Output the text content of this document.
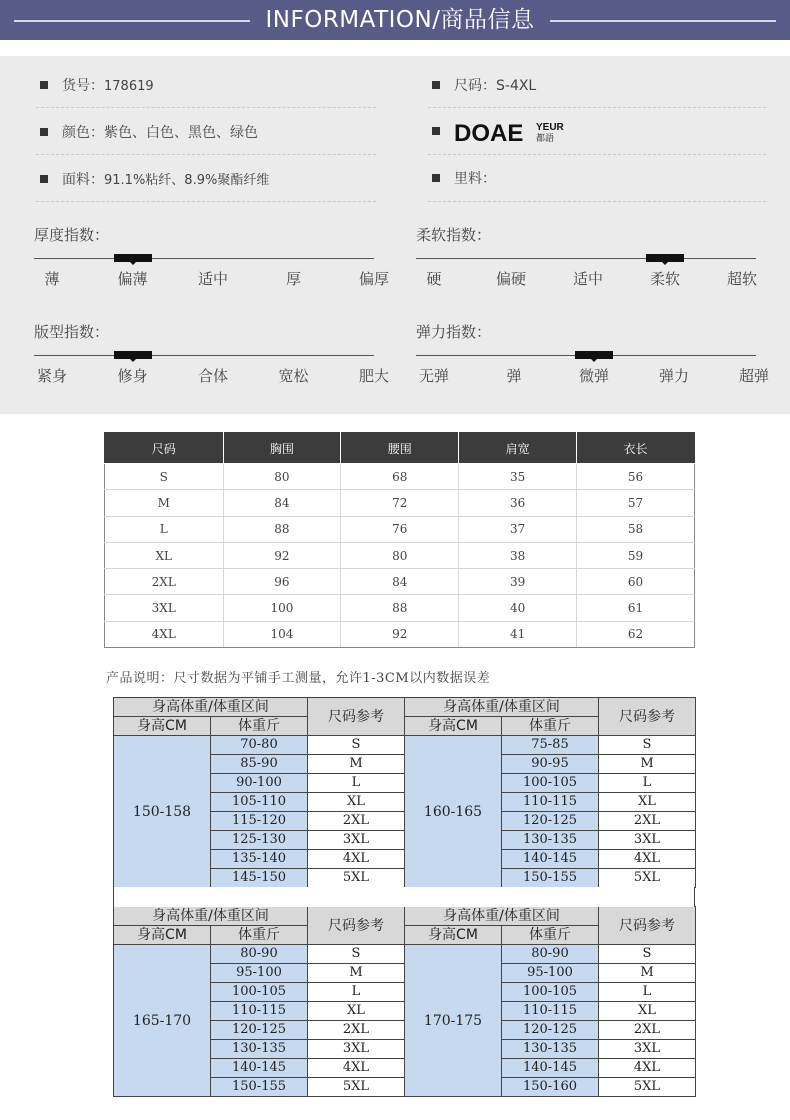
INFORMATION/商品信息
货号：178619	尺码：S-4XL
颜色：紫色、白色、黑色、绿色	DOAE YEUR
都語
面料：91.1%粘纤、8.9%聚酯纤维	里料：
厚度指数：
薄	偏薄	适中	厚	偏厚
柔软指数：
硬	偏硬	适中	柔软	超软
版型指数：
紧身	修身	合体	宽松	肥大
弹力指数：
无弹	弹	微弹	弹力	超弹
尺码	胸围	腰围	肩宽	衣长
S	80	68	35	56
M	84	72	36	57
L	88	76	37	58
XL	92	80	38	59
2XL	96	84	39	60
3XL	100	88	40	61
4XL	104	92	41	62
产品说明：尺寸数据为平铺手工测量，允许1-3CM以内数据误差
身高体重/体重区间		尺码参考	身高体重/体重区间		尺码参考
身高CM	体重斤		身高CM	体重斤	
150-158	70-80	S	160-165	75-85	S
	85-90	M		90-95	M
	90-100	L		100-105	L
	105-110	XL		110-115	XL
	115-120	2XL		120-125	2XL
	125-130	3XL		130-135	3XL
	135-140	4XL		140-145	4XL
	145-150	5XL		150-155	5XL
身高体重/体重区间		尺码参考	身高体重/体重区间		尺码参考
身高CM	体重斤		身高CM	体重斤	
165-170	80-90	S	170-175	80-90	S
	95-100	M		95-100	M
	100-105	L		100-105	L
	110-115	XL		110-115	XL
	120-125	2XL		120-125	2XL
	130-135	3XL		130-135	3XL
	140-145	4XL		140-145	4XL
	150-155	5XL		150-160	5XL
